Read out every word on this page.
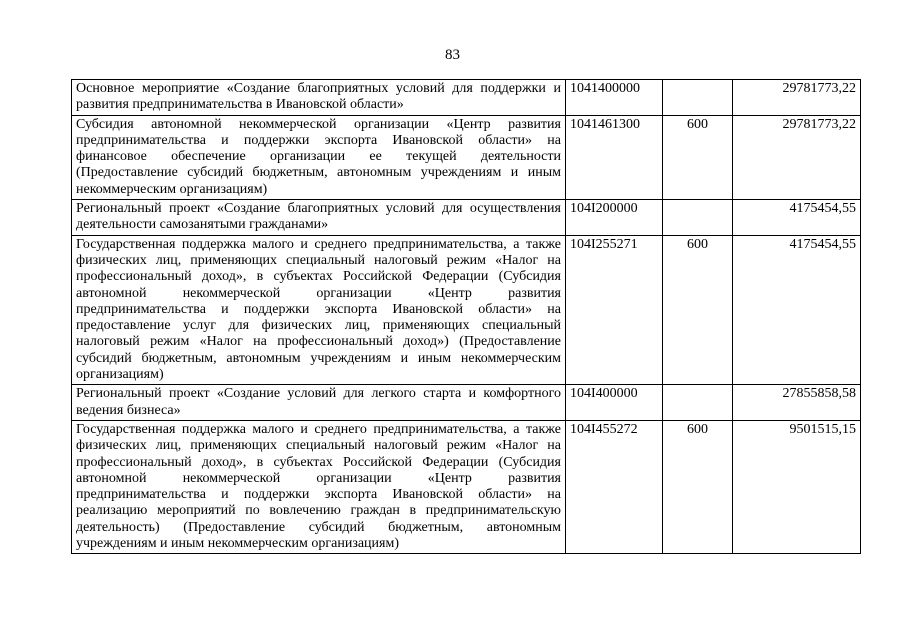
83
Основное мероприятие «Создание благоприятных условий для поддержки и развития предпринимательства в Ивановской области»	1041400000		29781773,22
Субсидия автономной некоммерческой организации «Центр развития предпринимательства и поддержки экспорта Ивановской области» на финансовое обеспечение организации ее текущей деятельности (Предоставление субсидий бюджетным, автономным учреждениям и иным некоммерческим организациям)	1041461300	600	29781773,22
Региональный проект «Создание благоприятных условий для осуществления деятельности самозанятыми гражданами»	104I200000		4175454,55
Государственная поддержка малого и среднего предпринимательства, а также физических лиц, применяющих специальный налоговый режим «Налог на профессиональный доход», в субъектах Российской Федерации (Субсидия автономной некоммерческой организации «Центр развития предпринимательства и поддержки экспорта Ивановской области» на предоставление услуг для физических лиц, применяющих специальный налоговый режим «Налог на профессиональный доход») (Предоставление субсидий бюджетным, автономным учреждениям и иным некоммерческим организациям)	104I255271	600	4175454,55
Региональный проект «Создание условий для легкого старта и комфортного ведения бизнеса»	104I400000		27855858,58
Государственная поддержка малого и среднего предпринимательства, а также физических лиц, применяющих специальный налоговый режим «Налог на профессиональный доход», в субъектах Российской Федерации (Субсидия автономной некоммерческой организации «Центр развития предпринимательства и поддержки экспорта Ивановской области» на реализацию мероприятий по вовлечению граждан в предпринимательскую деятельность) (Предоставление субсидий бюджетным, автономным учреждениям и иным некоммерческим организациям)	104I455272	600	9501515,15
